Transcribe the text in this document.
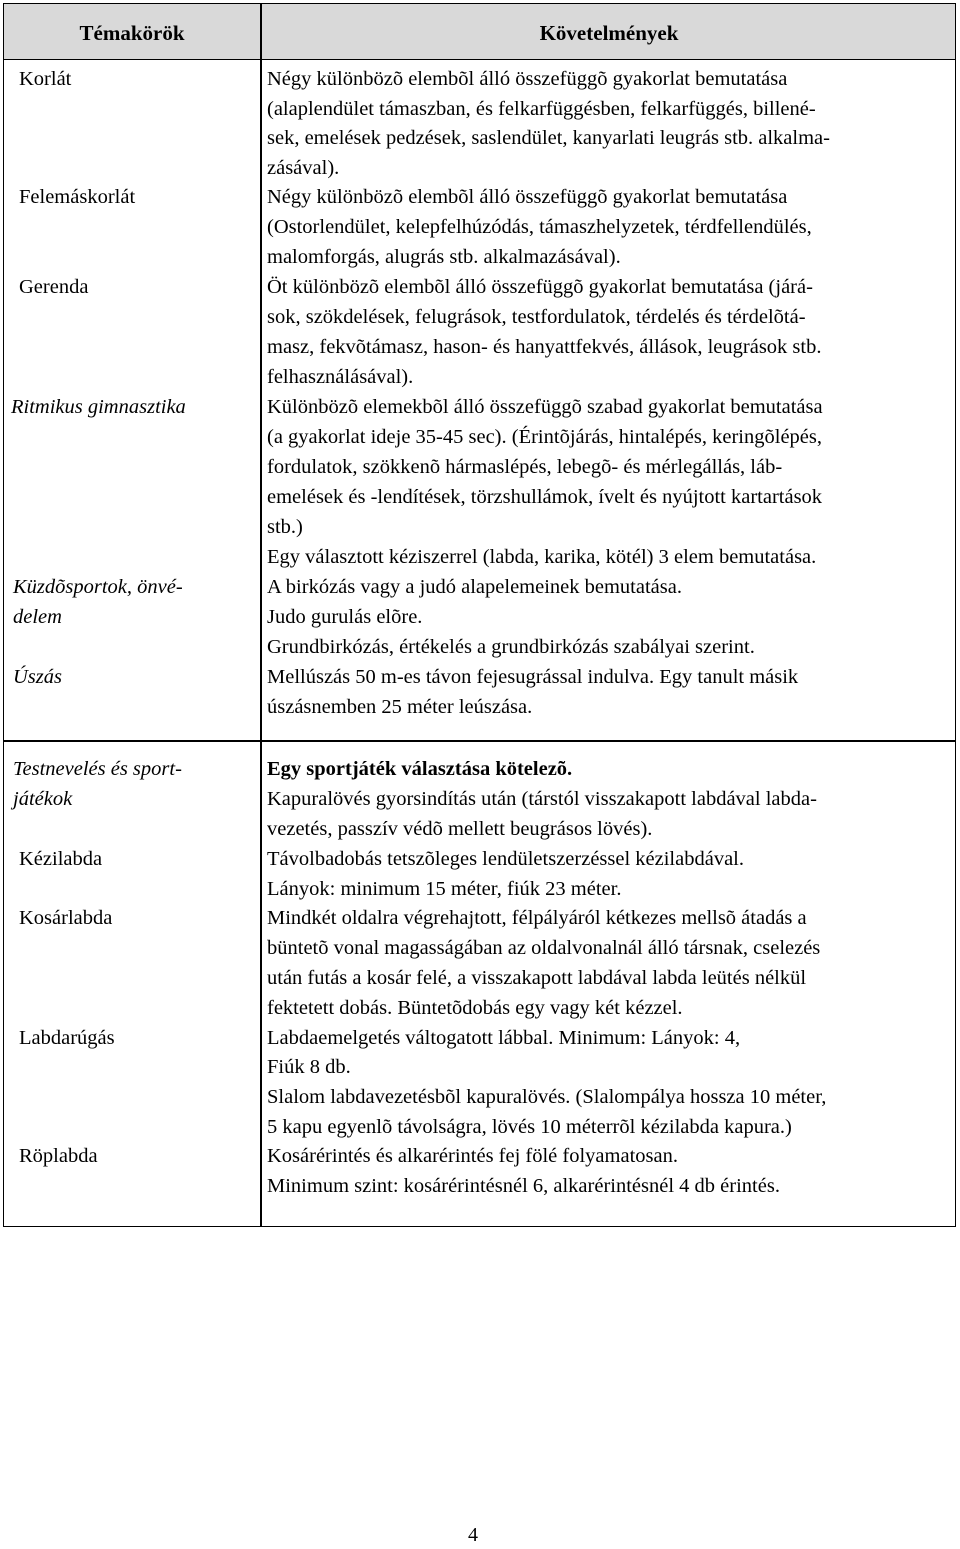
Témakörök	Követelmények
Korlát
Felemáskorlát
Gerenda
Ritmikus gimnasztika
Küzdõsportok, önvé-
delem
Úszás
Testnevelés és sport-
játékok
Kézilabda
Kosárlabda
Labdarúgás
Röplabda
Négy különbözõ elembõl álló összefüggõ gyakorlat bemutatása
(alaplendület támaszban, és felkarfüggésben, felkarfüggés, billené-
sek, emelések pedzések, saslendület, kanyarlati leugrás stb. alkalma-
zásával).
Négy különbözõ elembõl álló összefüggõ gyakorlat bemutatása
(Ostorlendület, kelepfelhúzódás, támaszhelyzetek, térdfellendülés,
malomforgás, alugrás stb. alkalmazásával).
Öt különbözõ elembõl álló összefüggõ gyakorlat bemutatása (járá-
sok, szökdelések, felugrások, testfordulatok, térdelés és térdelõtá-
masz, fekvõtámasz, hason- és hanyattfekvés, állások, leugrások stb.
felhasználásával).
Különbözõ elemekbõl álló összefüggõ szabad gyakorlat bemutatása
(a gyakorlat ideje 35-45 sec). (Érintõjárás, hintalépés, keringõlépés,
fordulatok, szökkenõ hármaslépés, lebegõ- és mérlegállás, láb-
emelések és -lendítések, törzshullámok, ívelt és nyújtott kartartások
stb.)
Egy választott kéziszerrel (labda, karika, kötél) 3 elem bemutatása.
A birkózás vagy a judó alapelemeinek bemutatása.
Judo gurulás elõre.
Grundbirkózás, értékelés a grundbirkózás szabályai szerint.
Mellúszás 50 m-es távon fejesugrással indulva. Egy tanult másik
úszásnemben 25 méter leúszása.
Egy sportjáték választása kötelezõ.
Kapuralövés gyorsindítás után (társtól visszakapott labdával labda-
vezetés, passzív védõ mellett beugrásos lövés).
Távolbadobás tetszõleges lendületszerzéssel kézilabdával.
Lányok: minimum 15 méter, fiúk 23 méter.
Mindkét oldalra végrehajtott, félpályáról kétkezes mellsõ átadás a
büntetõ vonal magasságában az oldalvonalnál álló társnak, cselezés
után futás a kosár felé, a visszakapott labdával labda leütés nélkül
fektetett dobás. Büntetõdobás egy vagy két kézzel.
Labdaemelgetés váltogatott lábbal. Minimum: Lányok: 4,
Fiúk 8 db.
Slalom labdavezetésbõl kapuralövés. (Slalompálya hossza 10 méter,
5 kapu egyenlõ távolságra, lövés 10 méterrõl kézilabda kapura.)
Kosárérintés és alkarérintés fej fölé folyamatosan.
Minimum szint: kosárérintésnél 6, alkarérintésnél 4 db érintés.
4
